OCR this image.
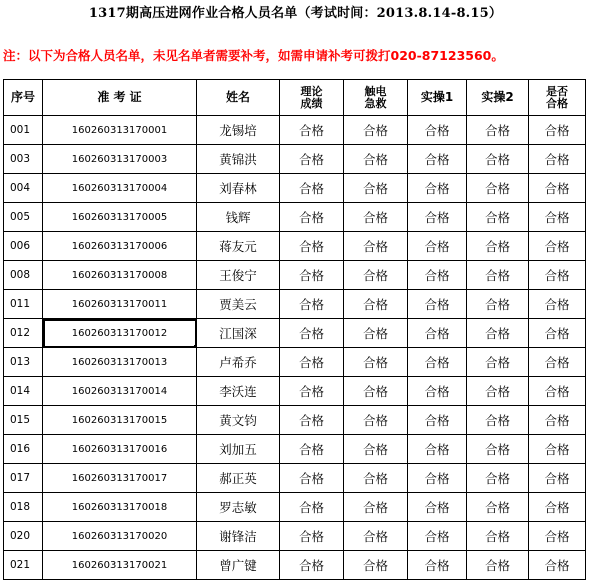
1317期高压进网作业合格人员名单（考试时间：2013.8.14-8.15）
注：以下为合格人员名单，未见名单者需要补考，如需申请补考可拨打020-87123560。
序号	准 考 证	姓名	理论成绩	触电急救	实操1	实操2	是否合格
001	160260313170001	龙锡培	合格	合格	合格	合格	合格
003	160260313170003	黄锦洪	合格	合格	合格	合格	合格
004	160260313170004	刘春林	合格	合格	合格	合格	合格
005	160260313170005	钱辉	合格	合格	合格	合格	合格
006	160260313170006	蒋友元	合格	合格	合格	合格	合格
008	160260313170008	王俊宁	合格	合格	合格	合格	合格
011	160260313170011	贾美云	合格	合格	合格	合格	合格
012	160260313170012	江国深	合格	合格	合格	合格	合格
013	160260313170013	卢希乔	合格	合格	合格	合格	合格
014	160260313170014	李沃连	合格	合格	合格	合格	合格
015	160260313170015	黄文钧	合格	合格	合格	合格	合格
016	160260313170016	刘加五	合格	合格	合格	合格	合格
017	160260313170017	郝正英	合格	合格	合格	合格	合格
018	160260313170018	罗志敏	合格	合格	合格	合格	合格
020	160260313170020	谢锋洁	合格	合格	合格	合格	合格
021	160260313170021	曾广键	合格	合格	合格	合格	合格
